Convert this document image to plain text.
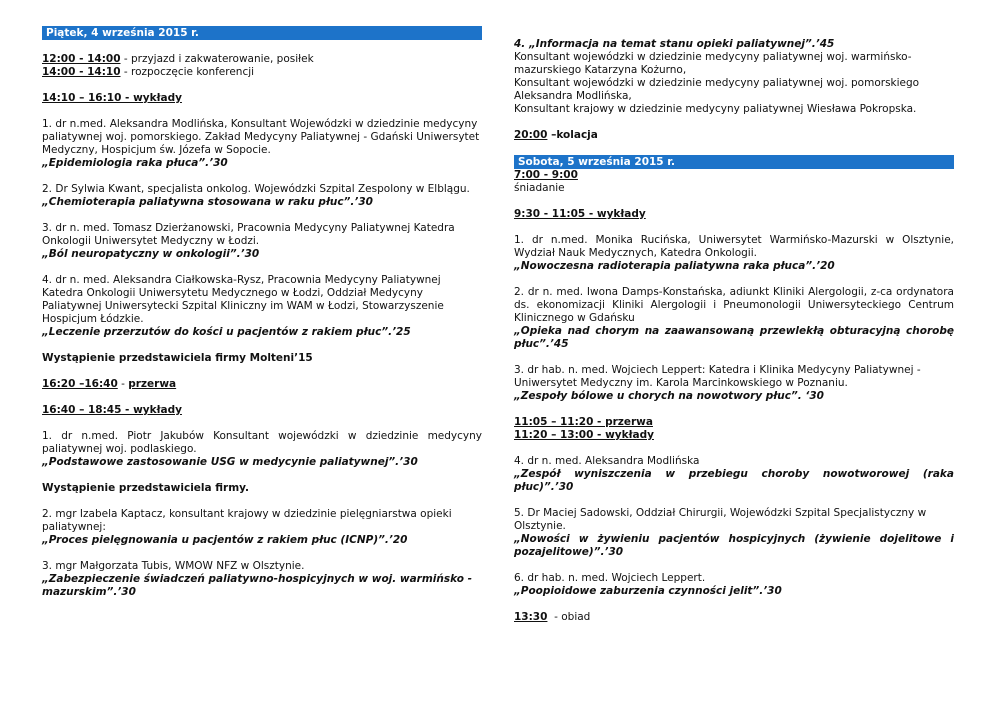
Piątek, 4 września 2015 r.

12:00 - 14:00 - przyjazd i zakwaterowanie, posiłek

14:00 - 14:10 - rozpoczęcie konferencji

14:10 – 16:10 - wykłady

1. dr n.med. Aleksandra Modlińska, Konsultant Wojewódzki w dziedzinie medycyny paliatywnej woj. pomorskiego. Zakład Medycyny Paliatywnej - Gdański Uniwersytet Medyczny, Hospicjum św. Józefa w Sopocie.

„Epidemiologia raka płuca”.’30

2. Dr Sylwia Kwant, specjalista onkolog. Wojewódzki Szpital Zespolony w Elblągu.

„Chemioterapia paliatywna stosowana w raku płuc”.’30

3. dr n. med. Tomasz Dzierżanowski, Pracownia Medycyny Paliatywnej Katedra Onkologii Uniwersytet Medyczny w Łodzi.

„Ból neuropatyczny w onkologii”.’30

4. dr n. med. Aleksandra Ciałkowska-Rysz, Pracownia Medycyny Paliatywnej Katedra Onkologii Uniwersytetu Medycznego w Łodzi, Oddział Medycyny Paliatywnej Uniwersytecki Szpital Kliniczny im WAM w Łodzi, Stowarzyszenie Hospicjum Łódzkie.

„Leczenie przerzutów do kości u pacjentów z rakiem płuc”.’25

Wystąpienie przedstawiciela firmy Molteni’15

16:20 –16:40 - przerwa

16:40 – 18:45 - wykłady

1. dr n.med. Piotr Jakubów Konsultant wojewódzki w dziedzinie medycyny paliatywnej woj. podlaskiego.

„Podstawowe zastosowanie USG w medycynie paliatywnej”.’30

Wystąpienie przedstawiciela firmy.

2. mgr Izabela Kaptacz, konsultant krajowy w dziedzinie pielęgniarstwa opieki paliatywnej:

„Proces pielęgnowania u pacjentów z rakiem płuc (ICNP)”.’20

3. mgr Małgorzata Tubis, WMOW NFZ w Olsztynie.

„Zabezpieczenie świadczeń paliatywno-hospicyjnych w woj. warmińsko -mazurskim”.’30

4. „Informacja na temat stanu opieki paliatywnej”.’45

Konsultant wojewódzki w dziedzinie medycyny paliatywnej woj. warmińsko-mazurskiego Katarzyna Kożurno,

Konsultant wojewódzki w dziedzinie medycyny paliatywnej woj. pomorskiego Aleksandra Modlińska,

Konsultant krajowy w dziedzinie medycyny paliatywnej Wiesława Pokropska.

20:00 –kolacja

Sobota, 5 września 2015 r.

7:00 - 9:00

śniadanie

9:30 - 11:05 - wykłady

1. dr n.med. Monika Rucińska, Uniwersytet Warmińsko-Mazurski w Olsztynie, Wydział Nauk Medycznych, Katedra Onkologii.

„Nowoczesna radioterapia paliatywna raka płuca”.’20

2. dr n. med. Iwona Damps-Konstańska, adiunkt Kliniki Alergologii, z-ca ordynatora ds. ekonomizacji Kliniki Alergologii i Pneumonologii Uniwersyteckiego Centrum Klinicznego w Gdańsku

„Opieka nad chorym na zaawansowaną przewlekłą obturacyjną chorobę płuc”.’45

3. dr hab. n. med. Wojciech Leppert: Katedra i Klinika Medycyny Paliatywnej -Uniwersytet Medyczny im. Karola Marcinkowskiego w Poznaniu.

„Zespoły bólowe u chorych na nowotwory płuc”. ‘30

11:05 – 11:20 - przerwa

11:20 – 13:00 - wykłady

4. dr n. med. Aleksandra Modlińska

„Zespół wyniszczenia w przebiegu choroby nowotworowej (raka płuc)”.’30

5. Dr Maciej Sadowski, Oddział Chirurgii, Wojewódzki Szpital Specjalistyczny w Olsztynie.

„Nowości w żywieniu pacjentów hospicyjnych (żywienie dojelitowe i pozajelitowe)”.’30

6. dr hab. n. med. Wojciech Leppert.

„Poopioidowe zaburzenia czynności jelit”.’30

13:30  - obiad
